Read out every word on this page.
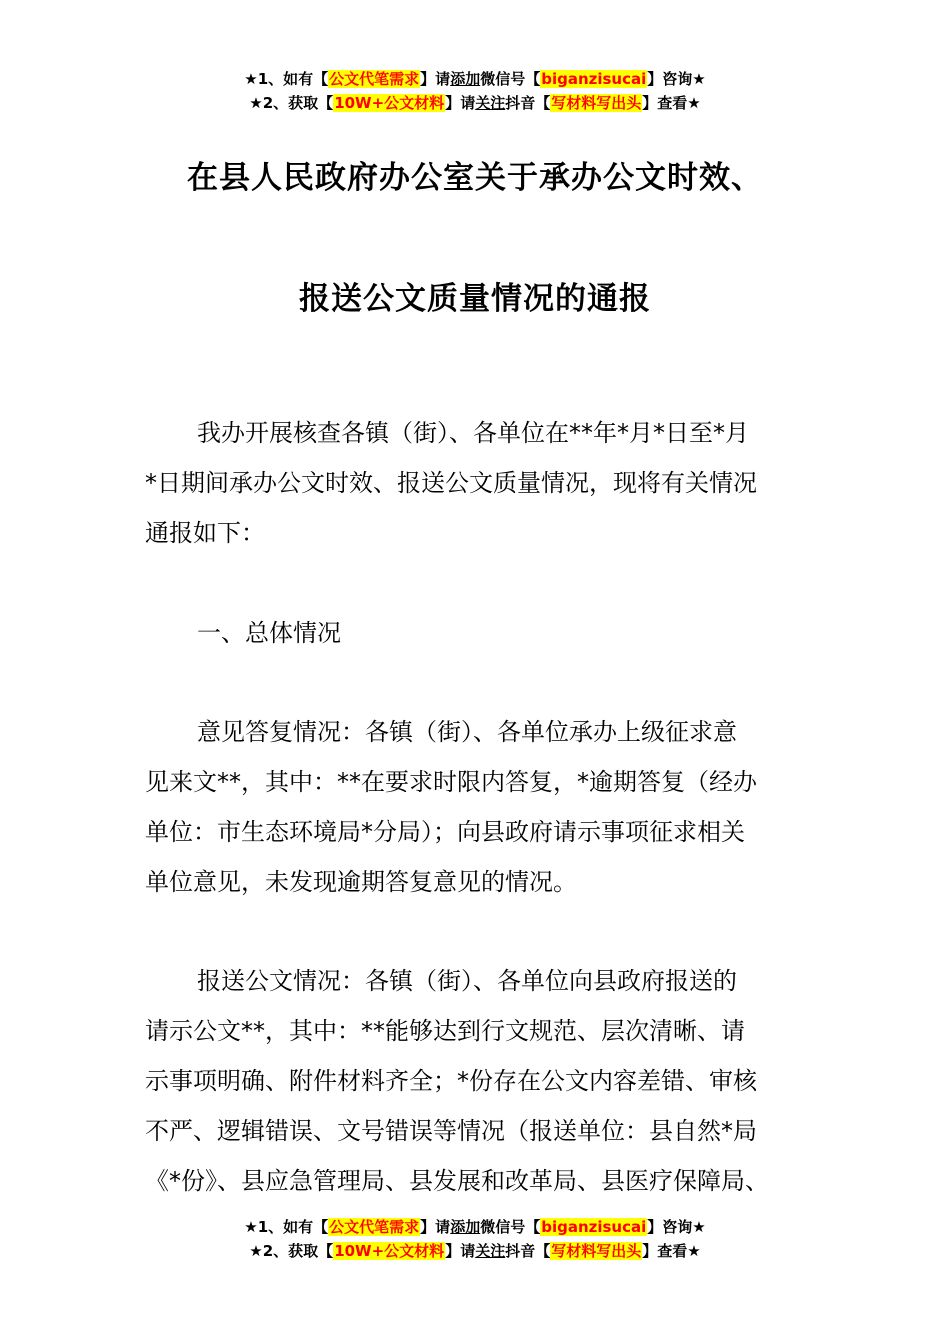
★1、如有【公文代笔需求】请添加微信号【biganzisucai】咨询★
★2、获取【10W+公文材料】请关注抖音【写材料写出头】查看★
在县人民政府办公室关于承办公文时效、
报送公文质量情况的通报

我办开展核查各镇（街）、各单位在**年*月*日至*月

*日期间承办公文时效、报送公文质量情况，现将有关情况

通报如下：

一、总体情况

意见答复情况：各镇（街）、各单位承办上级征求意

见来文**，其中：**在要求时限内答复，*逾期答复（经办

单位：市生态环境局*分局）；向县政府请示事项征求相关

单位意见，未发现逾期答复意见的情况。

报送公文情况：各镇（街）、各单位向县政府报送的

请示公文**，其中：**能够达到行文规范、层次清晰、请

示事项明确、附件材料齐全；*份存在公文内容差错、审核

不严、逻辑错误、文号错误等情况（报送单位：县自然*局

《*份》、县应急管理局、县发展和改革局、县医疗保障局、

★1、如有【公文代笔需求】请添加微信号【biganzisucai】咨询★
★2、获取【10W+公文材料】请关注抖音【写材料写出头】查看★
